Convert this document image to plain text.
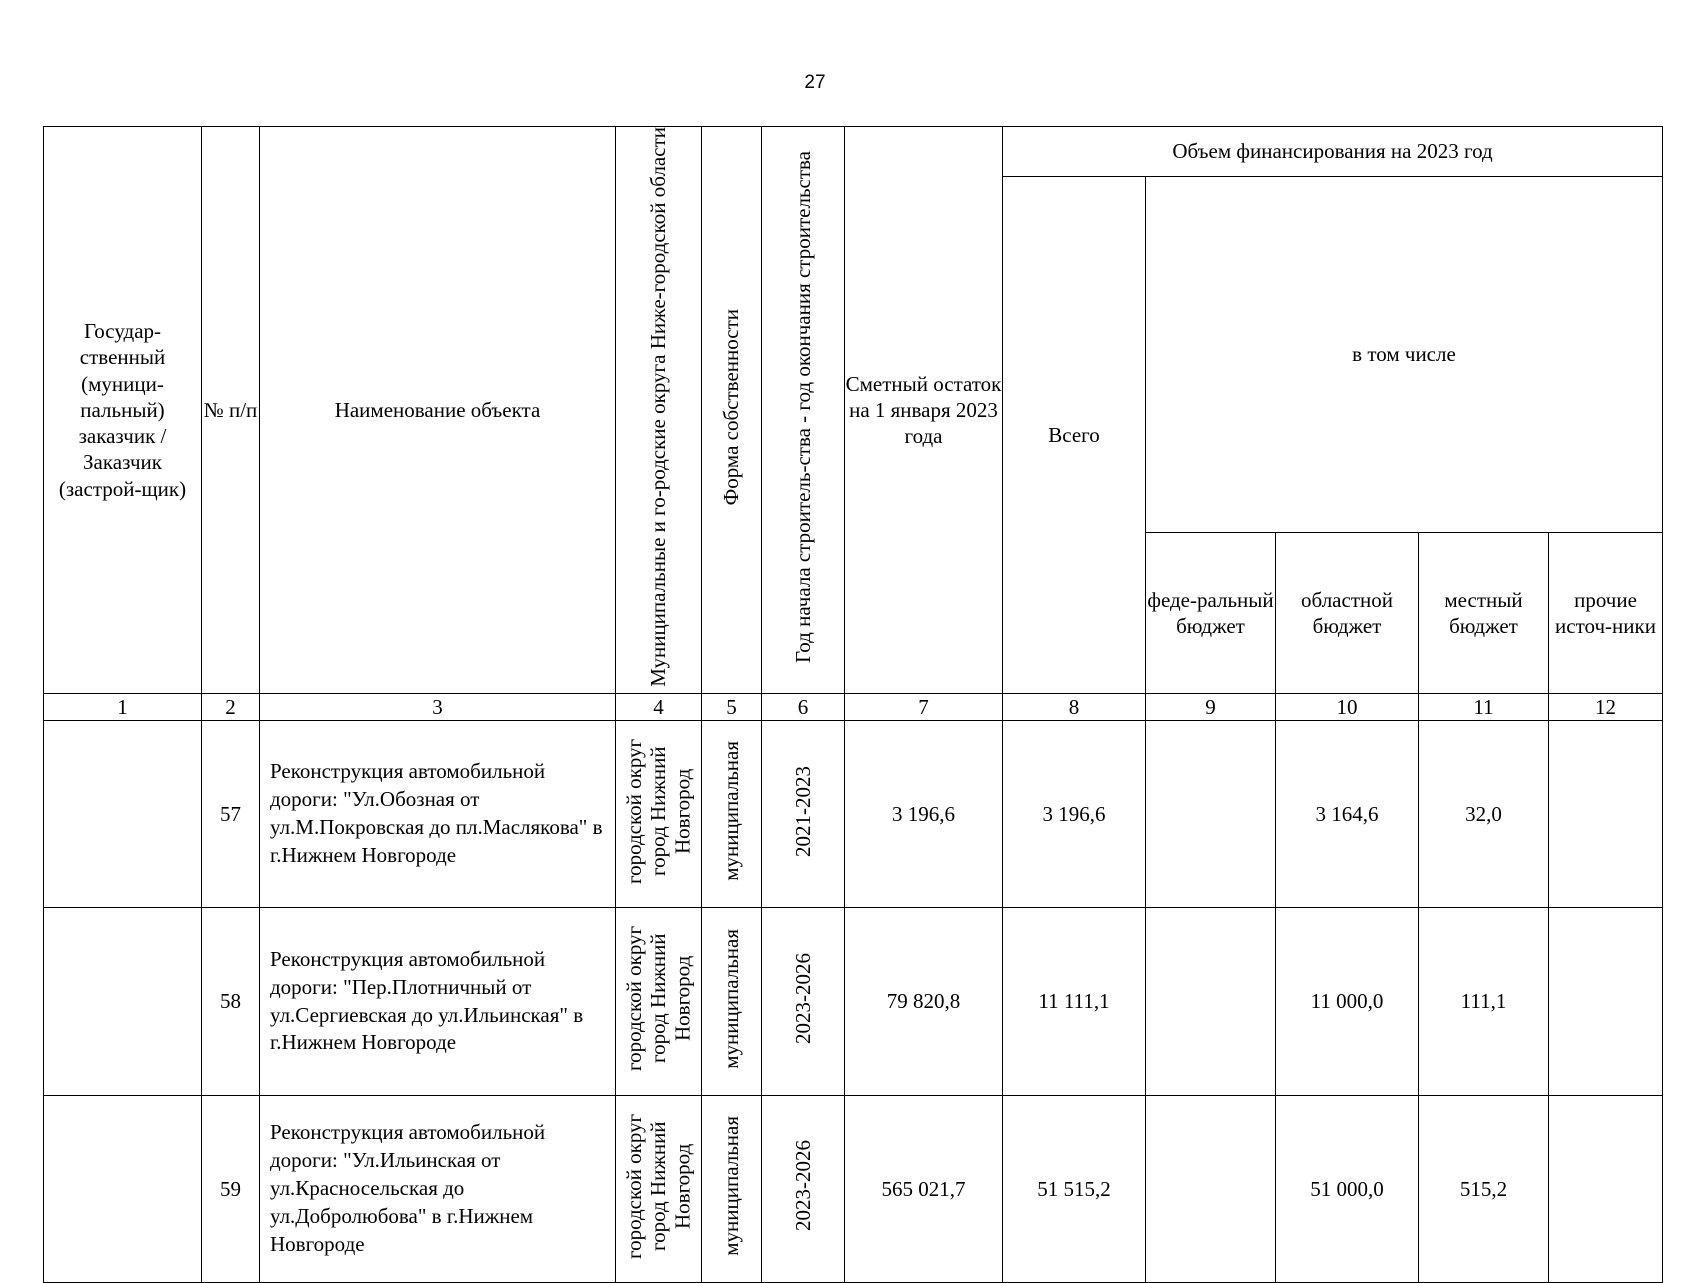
27
Государ-ственный (муници-пальный) заказчик / Заказчик (застрой-щик)	№ п/п	Наименование объекта	Муниципальные и го-родские округа Ниже-городской области	Форма собственности	Год начала строитель-ства - год окончания строительства	Сметный остаток на 1 января 2023 года	Объем финансирования на 2023 год				
							Всего	в том числе			
								феде-ральный бюджет	областной бюджет	местный бюджет	прочие источ-ники
1	2	3	4	5	6	7	8	9	10	11	12
	57	Реконструкция автомобильной дороги: "Ул.Обозная от ул.М.Покровская до пл.Маслякова" в г.Нижнем Новгороде	городской округ город Нижний Новгород	муниципальная	2021-2023	3 196,6	3 196,6		3 164,6	32,0	
	58	Реконструкция автомобильной дороги: "Пер.Плотничный от ул.Сергиевская до ул.Ильинская" в г.Нижнем Новгороде	городской округ город Нижний Новгород	муниципальная	2023-2026	79 820,8	11 111,1		11 000,0	111,1	
	59	Реконструкция автомобильной дороги: "Ул.Ильинская от ул.Красносельская до ул.Добролюбова" в г.Нижнем Новгороде	городской округ город Нижний Новгород	муниципальная	2023-2026	565 021,7	51 515,2		51 000,0	515,2	
